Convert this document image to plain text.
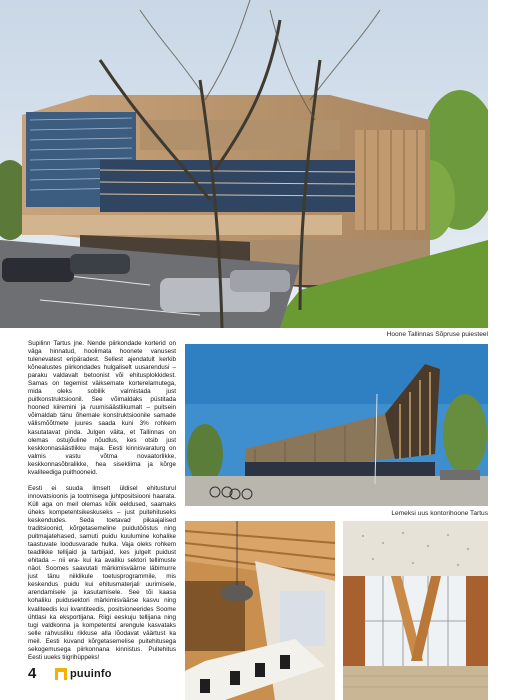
Hoone Tallinnas Sõpruse puiesteel

Supilinn Tartus jne. Nende piirkondade korterid on väga hinnatud, hoolimata hoonete vanusest tulenevatest eripäradest. Sellest ajendatult kerkib kõnealustes piirkondades hulgaliselt uusarendusi – paraku valdavalt betoonist või ehitusplokkidest. Samas on tegemist väiksemate korterelamutega, mida oleks sobilik valmistada just puitkonstruktsioonil. See võimaldaks püstitada hooned kiiremini ja ruumisäästlikumalt – puitsein võimaldab tänu õhemale konstruktsioonile samade välismõõtmete juures saada kuni 3% rohkem kasutatavat pinda. Julgen väita, et Tallinnas on olemas ostujõuline nõudlus, kes otsib just keskkonnasäästlikku maja. Eesti kinnisvaraturg on valmis vastu võtma novaatorlikke, keskkonnasõbralikke, hea sisekliima ja kõrge kvaliteediga puithooneid.

Eesti ei suuda ilmselt üldisel ehitusturul innovatsioonis ja tootmisega juhtpositsiooni haarata. Küll aga on meil olemas kõik eeldused, saamaks üheks kompetentsikeskuseks – just puitehituseks keskendudes. Seda toetavad pikaajalised traditsioonid, kõrgetasemeline puidutööstus ning puitmajatehased, samuti puidu kuulumine kohalike taastuvate loodusvarade hulka. Vaja oleks rohkem teadlikke tellijaid ja tarbijaid, kes julgelt puidust ehitada – nii era- kui ka avaliku sektori tellimuste näol. Soomes saavutati märkimisväärne läbimurre just tänu niiklikule toetusprogrammile, mis keskendus puidu kui ehitusmaterjali uurimisele, arendamisele ja kasutamisele. See tõi kaasa kohaliku puidusektori märkimisväärse kasvu ning kvaliteedis kui kvantiteedis, positsioneerides Soome ühtlasi ka eksportijana. Riigi eeskuju tellijana ning tugi valdkonna ja kompetentsi arengule kasvataks selle rahvusliku rikkuse alla lõodavat väärtust ka meil. Eesti kuvand kõrgetasemelise puitehitusega sekogemusega piirkonnana kinnistus. Puitehitus Eesti uueks tiigrihüppeks!

Lemeksi uus kontorihoone Tartus
4	puuinfo
